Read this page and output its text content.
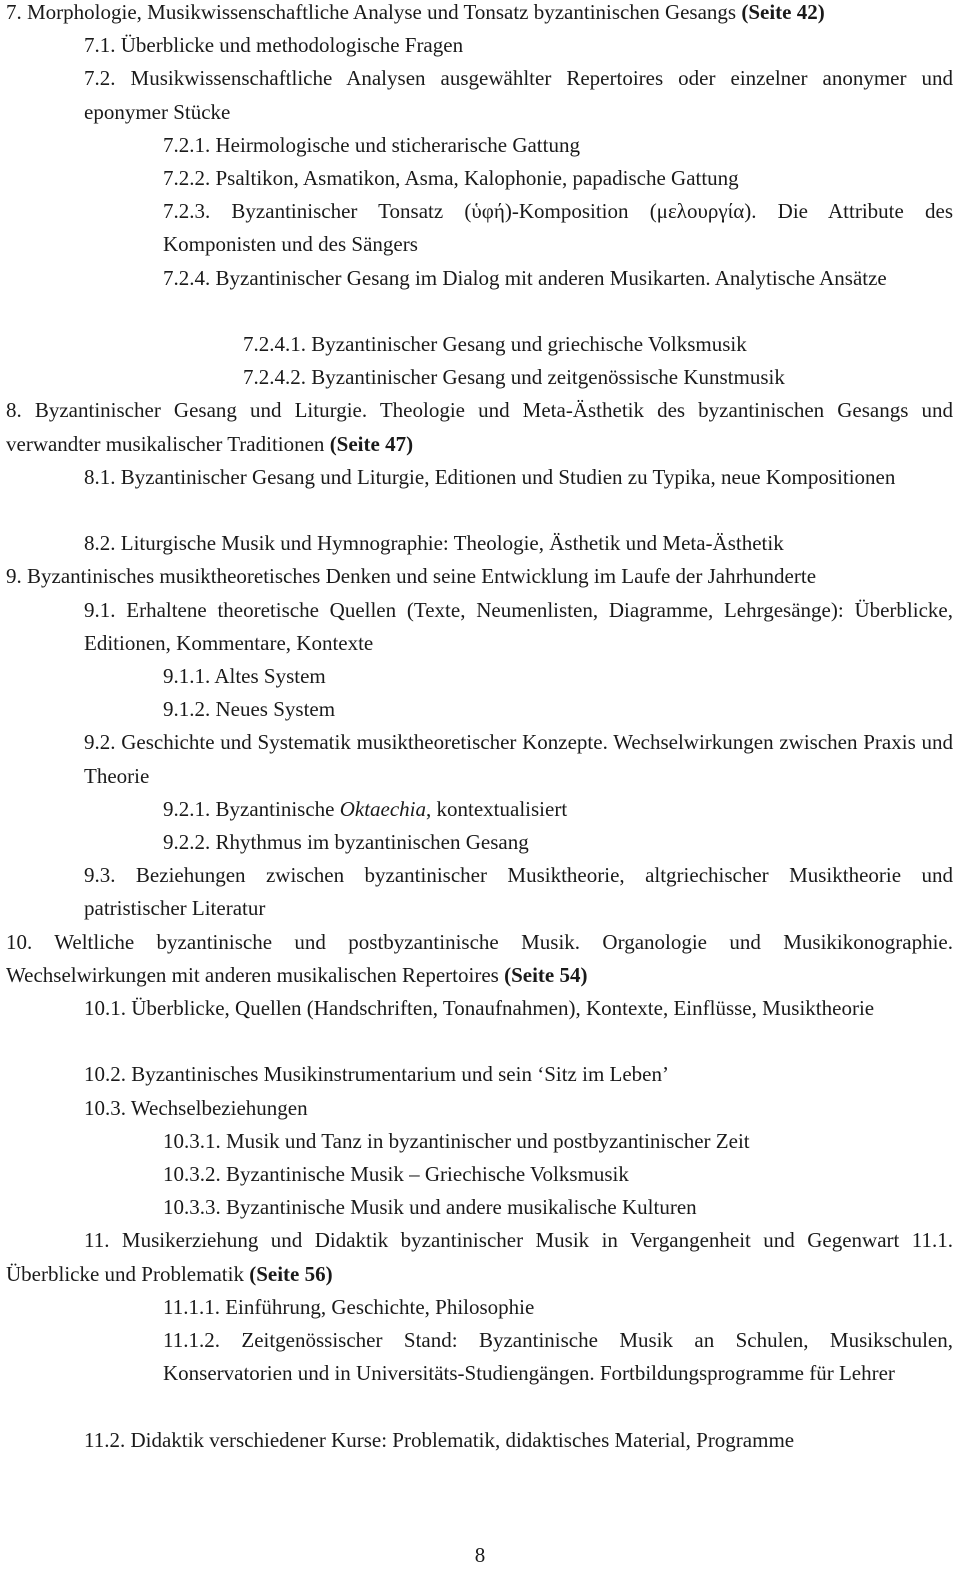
7. Morphologie, Musikwissenschaftliche Analyse und Tonsatz byzantinischen Gesangs (Seite 42)
7.1. Überblicke und methodologische Fragen
7.2. Musikwissenschaftliche Analysen ausgewählter Repertoires oder einzelner anonymer und eponymer Stücke
7.2.1. Heirmologische und sticherarische Gattung
7.2.2. Psaltikon, Asmatikon, Asma, Kalophonie, papadische Gattung
7.2.3. Byzantinischer Tonsatz (ὑφή)-Komposition (μελουργία). Die Attribute des Komponisten und des Sängers
7.2.4. Byzantinischer Gesang im Dialog mit anderen Musikarten. Analytische Ansätze
7.2.4.1. Byzantinischer Gesang und griechische Volksmusik
7.2.4.2. Byzantinischer Gesang und zeitgenössische Kunstmusik
8. Byzantinischer Gesang und Liturgie. Theologie und Meta-Ästhetik des byzantinischen Gesangs und verwandter musikalischer Traditionen (Seite 47)
8.1. Byzantinischer Gesang und Liturgie, Editionen und Studien zu Typika, neue Kompositionen
8.2. Liturgische Musik und Hymnographie: Theologie, Ästhetik und Meta-Ästhetik
9. Byzantinisches musiktheoretisches Denken und seine Entwicklung im Laufe der Jahrhunderte
9.1. Erhaltene theoretische Quellen (Texte, Neumenlisten, Diagramme, Lehrgesänge): Überblicke, Editionen, Kommentare, Kontexte
9.1.1. Altes System
9.1.2. Neues System
9.2. Geschichte und Systematik musiktheoretischer Konzepte. Wechselwirkungen zwischen Praxis und Theorie
9.2.1. Byzantinische Oktaechia, kontextualisiert
9.2.2. Rhythmus im byzantinischen Gesang
9.3. Beziehungen zwischen byzantinischer Musiktheorie, altgriechischer Musiktheorie und patristischer Literatur
10. Weltliche byzantinische und postbyzantinische Musik. Organologie und Musikikonographie. Wechselwirkungen mit anderen musikalischen Repertoires (Seite 54)
10.1. Überblicke, Quellen (Handschriften, Tonaufnahmen), Kontexte, Einflüsse, Musiktheorie
10.2. Byzantinisches Musikinstrumentarium und sein ‘Sitz im Leben’
10.3. Wechselbeziehungen
10.3.1. Musik und Tanz in byzantinischer und postbyzantinischer Zeit
10.3.2. Byzantinische Musik – Griechische Volksmusik
10.3.3. Byzantinische Musik und andere musikalische Kulturen
11. Musikerziehung und Didaktik byzantinischer Musik in Vergangenheit und Gegenwart 11.1. Überblicke und Problematik (Seite 56)
11.1.1. Einführung, Geschichte, Philosophie
11.1.2. Zeitgenössischer Stand: Byzantinische Musik an Schulen, Musikschulen, Konservatorien und in Universitäts-Studiengängen. Fortbildungsprogramme für Lehrer
11.2. Didaktik verschiedener Kurse: Problematik, didaktisches Material, Programme
8
